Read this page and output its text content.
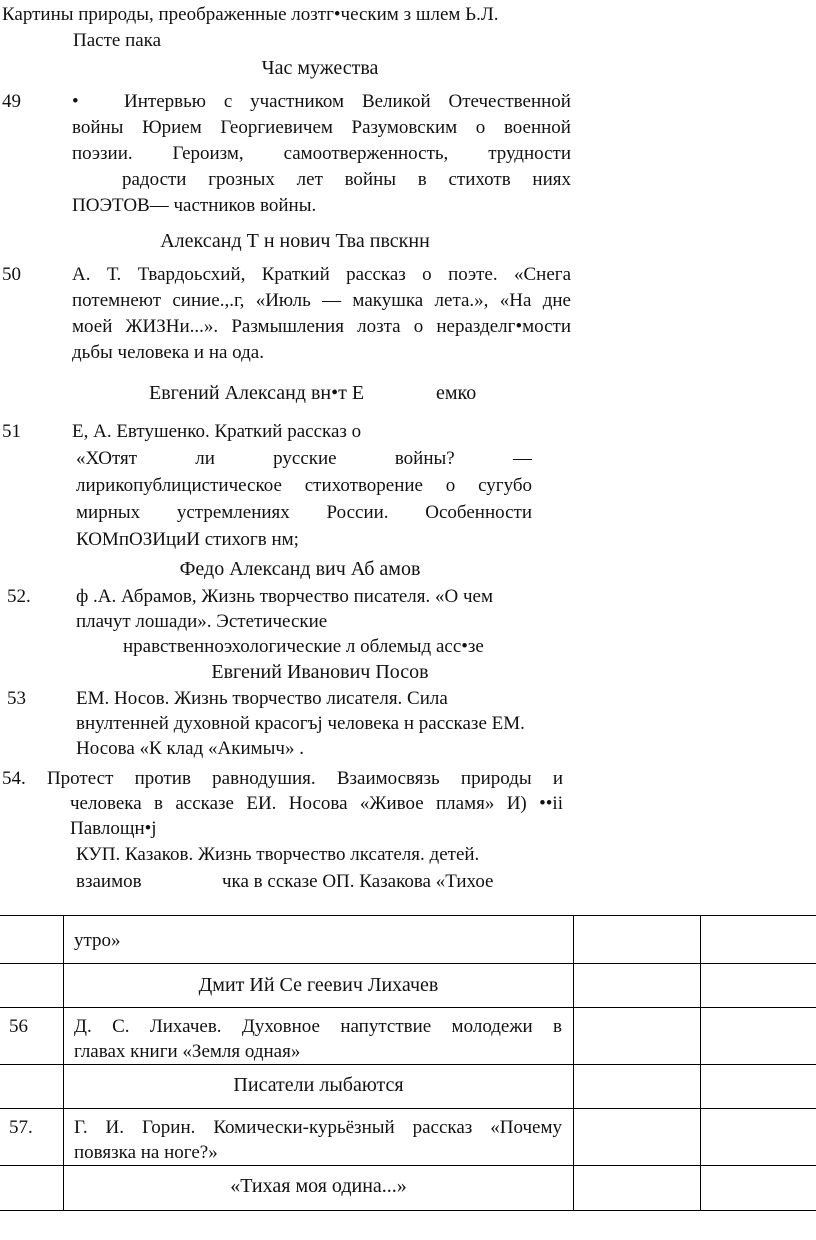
Картины природы, преображенные лозтг•ческим з шлем Ь.Л.
Пасте пака
Час мужества
49	• Интервью с участником Великой Отечественной
войны Юрием Георгиевичем Разумовским о военной
поэзии. Героизм, самоотверженность, трудности
радости грозных лет войны в стихотв ниях
ПОЭТОВ— частников войны.
Александ Т н нович Тва пвскнн
50	А. Т. Твардоьсхий, Краткий рассказ о поэте. «Снега
потемнеют синие.,.г, «Июль — макушка лета.», «На дне
моей ЖИЗНи...». Размышления лозта о неразделг•мости
дьбы человека и на ода.
Евгений Александ вн•т Е	емко
51	Е, А. Евтушенко. Краткий рассказ о
«ХОтят	ли	русские	войны?	—
лирикопублицистическое стихотворение о сугубо
мирных устремлениях России. Особенности
КОМпОЗИциИ стихогв нм;
Федо Александ вич Аб амов
52. ф .А. Абрамов, Жизнь творчество писателя. «О чем
плачут лошади». Эстетические
нравственноэхологические л облемыд асс•зе
Евгений Иванович Посов
53	ЕМ. Носов. Жизнь творчество лисателя. Сила
внултенней духовной красогъј человека н рассказе ЕМ.
Носова «К клад «Акимыч» .
54. Протест против равнодушия. Взаимосвязь природы и
человека в ассказе ЕИ. Носова «Живое пламя» И) ••іі
Павлощн•ј
КУП. Казаков. Жизнь творчество лксателя. детей.
взаимов	чка в ссказе ОП. Казакова «Тихое
утро»
Дмит Ий Се геевич Лихачев
56 Д. С. Лихачев. Духовное напутствие молодежи в
главах книги «Земля одная»
Писатели лыбаются
57. Г. И. Горин. Комически-курьёзный рассказ «Почему
повязка на ноге?»
«Тихая моя одина...»
